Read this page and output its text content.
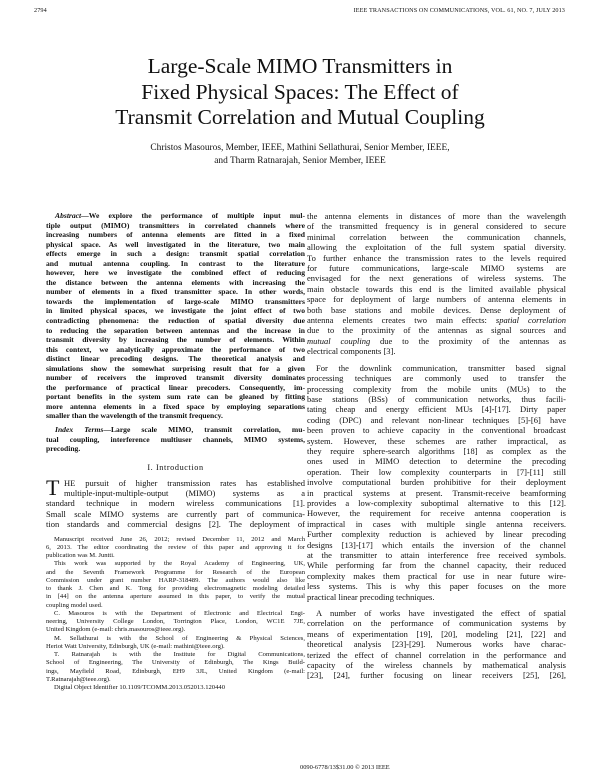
2794	IEEE TRANSACTIONS ON COMMUNICATIONS, VOL. 61, NO. 7, JULY 2013
Large-Scale MIMO Transmitters in
Fixed Physical Spaces: The Effect of
Transmit Correlation and Mutual Coupling
Christos Masouros, Member, IEEE, Mathini Sellathurai, Senior Member, IEEE,
and Tharm Ratnarajah, Senior Member, IEEE
Abstract—We explore the performance of multiple input mul-
tiple output (MIMO) transmitters in correlated channels where
increasing numbers of antenna elements are fitted in a fixed
physical space. As well investigated in the literature, two main
effects emerge in such a design: transmit spatial correlation
and mutual antenna coupling. In contrast to the literature
however, here we investigate the combined effect of reducing
the distance between the antenna elements with increasing the
number of elements in a fixed transmitter space. In other words,
towards the implementation of large-scale MIMO transmitters
in limited physical spaces, we investigate the joint effect of two
contradicting phenomena: the reduction of spatial diversity due
to reducing the separation between antennas and the increase in
transmit diversity by increasing the number of elements. Within
this context, we analytically approximate the performance of two
distinct linear precoding designs. The theoretical analysis and
simulations show the somewhat surprising result that for a given
number of receivers the improved transmit diversity dominates
the performance of practical linear precoders. Consequently, im-
portant benefits in the system sum rate can be gleaned by fitting
more antenna elements in a fixed space by employing separations
smaller than the wavelength of the transmit frequency.
Index Terms—Large scale MIMO, transmit correlation, mu-
tual coupling, interference multiuser channels, MIMO systems,
precoding.
I. Introduction
T HE pursuit of higher transmission rates has established
multiple-input-multiple-output (MIMO) systems as a
standard technique in modern wireless communications [1].
Small scale MIMO systems are currently part of communica-
tion standards and commercial designs [2]. The deployment of
Manuscript received June 26, 2012; revised December 11, 2012 and March
6, 2013. The editor coordinating the review of this paper and approving it for
publication was M. Juntti.
This work was supported by the Royal Academy of Engineering, UK,
and the Seventh Framework Programme for Research of the European
Commission under grant number HARP-318489. The authors would also like
to thank J. Chen and K. Tong for providing electromagnetic modeling detailed
in [44] on the antenna aperture assumed in this paper, to verify the mutual
coupling model used.
C. Masouros is with the Department of Electronic and Electrical Engi-
neering, University College London, Torrington Place, London, WC1E 7JE,
United Kingdom (e-mail: chris.masouros@ieee.org).
M. Sellathurai is with the School of Engineering & Physical Sciences,
Heriot Watt University, Edinburgh, UK (e-mail: mathini@ieee.org).
T. Ratnarajah is with the Institute for Digital Communications,
School of Engineering, The University of Edinburgh, The Kings Build-
ings, Mayfield Road, Edinburgh, EH9 3JL, United Kingdom (e-mail:
T.Ratnarajah@ieee.org).
Digital Object Identifier 10.1109/TCOMM.2013.052013.120440
the antenna elements in distances of more than the wavelength
of the transmitted frequency is in general considered to secure
minimal correlation between the communication channels,
allowing the exploitation of the full system spatial diversity.
To further enhance the transmission rates to the levels required
for future communications, large-scale MIMO systems are
envisaged for the next generations of wireless systems. The
main obstacle towards this end is the limited available physical
space for deployment of large numbers of antenna elements in
both base stations and mobile devices. Dense deployment of
antenna elements creates two main effects: spatial correlation
due to the proximity of the antennas as signal sources and
mutual coupling due to the proximity of the antennas as
electrical components [3].
For the downlink communication, transmitter based signal
processing techniques are commonly used to transfer the
processing complexity from the mobile units (MUs) to the
base stations (BSs) of communication networks, thus facili-
tating cheap and energy efficient MUs [4]-[17]. Dirty paper
coding (DPC) and relevant non-linear techniques [5]-[6] have
been proven to achieve capacity in the conventional broadcast
system. However, these schemes are rather impractical, as
they require sphere-search algorithms [18] as complex as the
ones used in MIMO detection to determine the precoding
operation. Their low complexity counterparts in [7]-[11] still
involve computational burden prohibitive for their deployment
in practical systems at present. Transmit-receive beamforming
provides a low-complexity suboptimal alternative to this [12].
However, the requirement for receive antenna cooperation is
impractical in cases with multiple single antenna receivers.
Further complexity reduction is achieved by linear precoding
designs [13]-[17] which entails the inversion of the channel
at the transmitter to attain interference free received symbols.
While performing far from the channel capacity, their reduced
complexity makes them practical for use in near future wire-
less systems. This is why this paper focuses on the more
practical linear precoding techniques.
A number of works have investigated the effect of spatial
correlation on the performance of communication systems by
means of experimentation [19], [20], modeling [21], [22] and
theoretical analysis [23]-[29]. Numerous works have charac-
terized the effect of channel correlation in the performance and
capacity of the wireless channels by mathematical analysis
[23], [24], further focusing on linear receivers [25], [26],
0090-6778/13$31.00 © 2013 IEEE
